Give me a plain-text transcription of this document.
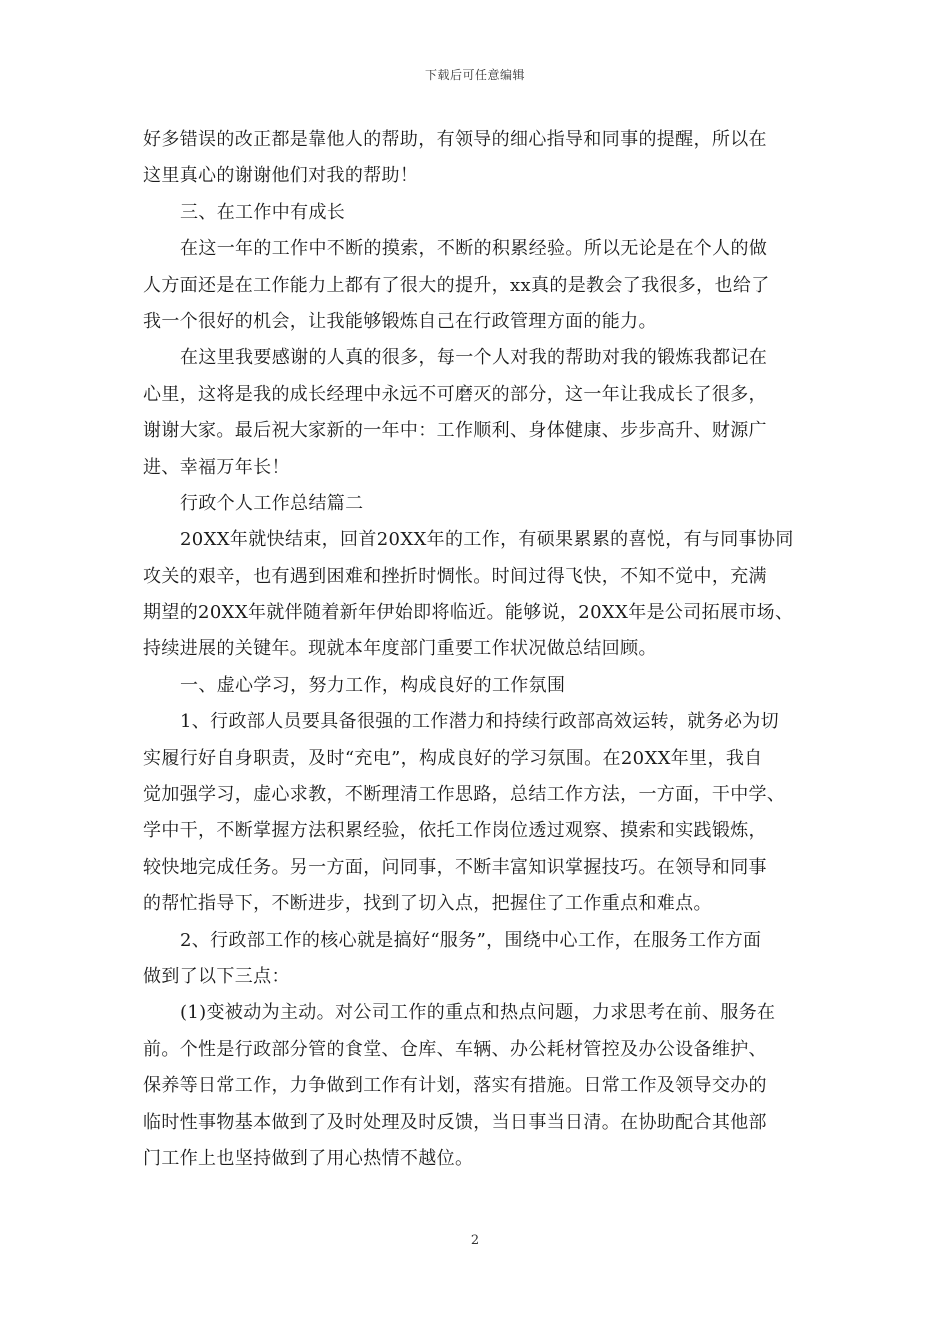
下载后可任意编辑
好多错误的改正都是靠他人的帮助，有领导的细心指导和同事的提醒，所以在
这里真心的谢谢他们对我的帮助！
三、在工作中有成长
在这一年的工作中不断的摸索，不断的积累经验。所以无论是在个人的做
人方面还是在工作能力上都有了很大的提升，xx真的是教会了我很多，也给了
我一个很好的机会，让我能够锻炼自己在行政管理方面的能力。
在这里我要感谢的人真的很多，每一个人对我的帮助对我的锻炼我都记在
心里，这将是我的成长经理中永远不可磨灭的部分，这一年让我成长了很多，
谢谢大家。最后祝大家新的一年中：工作顺利、身体健康、步步高升、财源广
进、幸福万年长！
行政个人工作总结篇二
20XX年就快结束，回首20XX年的工作，有硕果累累的喜悦，有与同事协同
攻关的艰辛，也有遇到困难和挫折时惆怅。时间过得飞快，不知不觉中，充满
期望的20XX年就伴随着新年伊始即将临近。能够说，20XX年是公司拓展市场、
持续进展的关键年。现就本年度部门重要工作状况做总结回顾。
一、虚心学习，努力工作，构成良好的工作氛围
1、行政部人员要具备很强的工作潜力和持续行政部高效运转，就务必为切
实履行好自身职责，及时“充电”，构成良好的学习氛围。在20XX年里，我自
觉加强学习，虚心求教，不断理清工作思路，总结工作方法，一方面，干中学、
学中干，不断掌握方法积累经验，依托工作岗位透过观察、摸索和实践锻炼，
较快地完成任务。另一方面，问同事，不断丰富知识掌握技巧。在领导和同事
的帮忙指导下，不断进步，找到了切入点，把握住了工作重点和难点。
2、行政部工作的核心就是搞好“服务”，围绕中心工作，在服务工作方面
做到了以下三点：
(1)变被动为主动。对公司工作的重点和热点问题，力求思考在前、服务在
前。个性是行政部分管的食堂、仓库、车辆、办公耗材管控及办公设备维护、
保养等日常工作，力争做到工作有计划，落实有措施。日常工作及领导交办的
临时性事物基本做到了及时处理及时反馈，当日事当日清。在协助配合其他部
门工作上也坚持做到了用心热情不越位。
2
